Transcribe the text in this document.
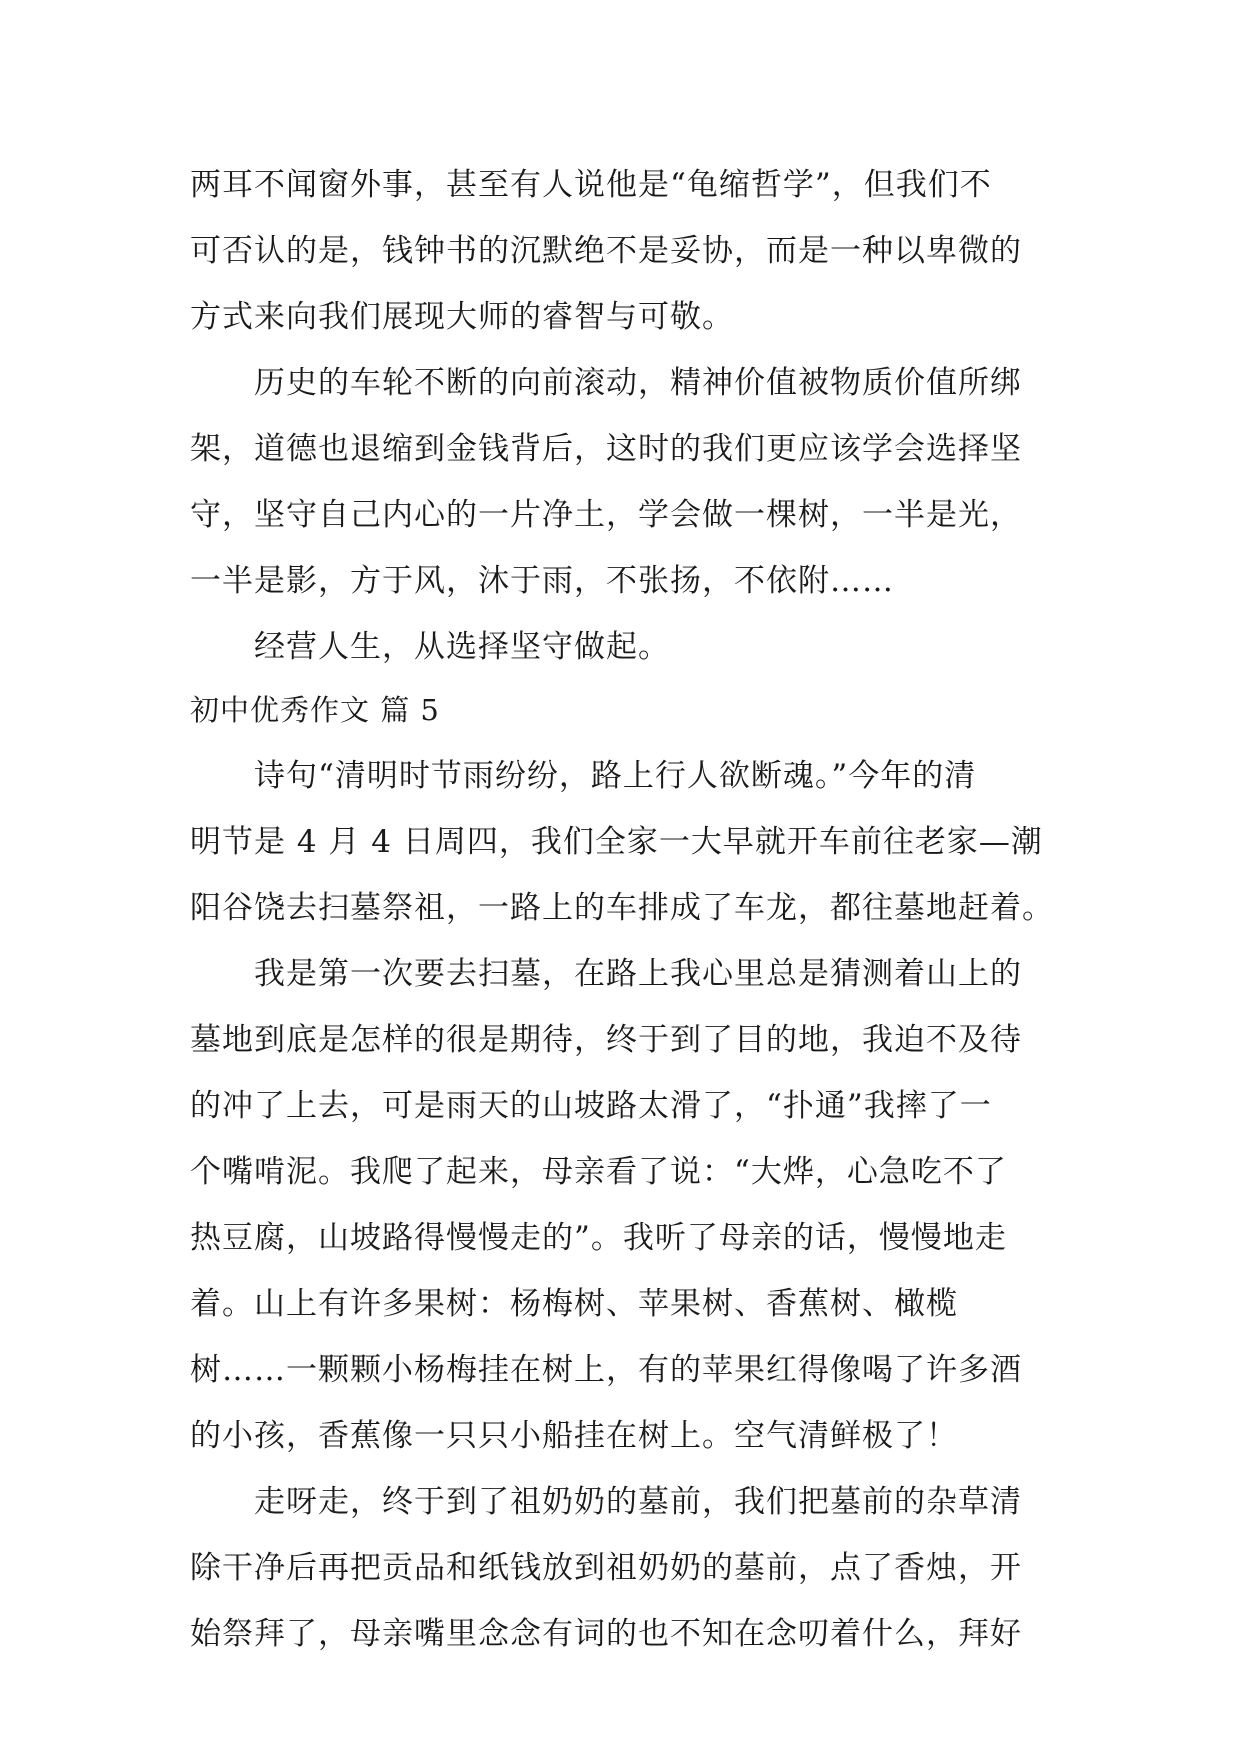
两耳不闻窗外事，甚至有人说他是“龟缩哲学”，但我们不
可否认的是，钱钟书的沉默绝不是妥协，而是一种以卑微的
方式来向我们展现大师的睿智与可敬。
历史的车轮不断的向前滚动，精神价值被物质价值所绑
架，道德也退缩到金钱背后，这时的我们更应该学会选择坚
守，坚守自己内心的一片净土，学会做一棵树，一半是光，
一半是影，方于风，沐于雨，不张扬，不依附……
经营人生，从选择坚守做起。
初中优秀作文 篇 5
诗句“清明时节雨纷纷，路上行人欲断魂。”今年的清
明节是 4 月 4 日周四，我们全家一大早就开车前往老家—潮
阳谷饶去扫墓祭祖，一路上的车排成了车龙，都往墓地赶着。
我是第一次要去扫墓，在路上我心里总是猜测着山上的
墓地到底是怎样的很是期待，终于到了目的地，我迫不及待
的冲了上去，可是雨天的山坡路太滑了，“扑通”我摔了一
个嘴啃泥。我爬了起来，母亲看了说：“大烨，心急吃不了
热豆腐，山坡路得慢慢走的”。我听了母亲的话，慢慢地走
着。山上有许多果树：杨梅树、苹果树、香蕉树、橄榄
树……一颗颗小杨梅挂在树上，有的苹果红得像喝了许多酒
的小孩，香蕉像一只只小船挂在树上。空气清鲜极了！
走呀走，终于到了祖奶奶的墓前，我们把墓前的杂草清
除干净后再把贡品和纸钱放到祖奶奶的墓前，点了香烛，开
始祭拜了，母亲嘴里念念有词的也不知在念叨着什么，拜好
